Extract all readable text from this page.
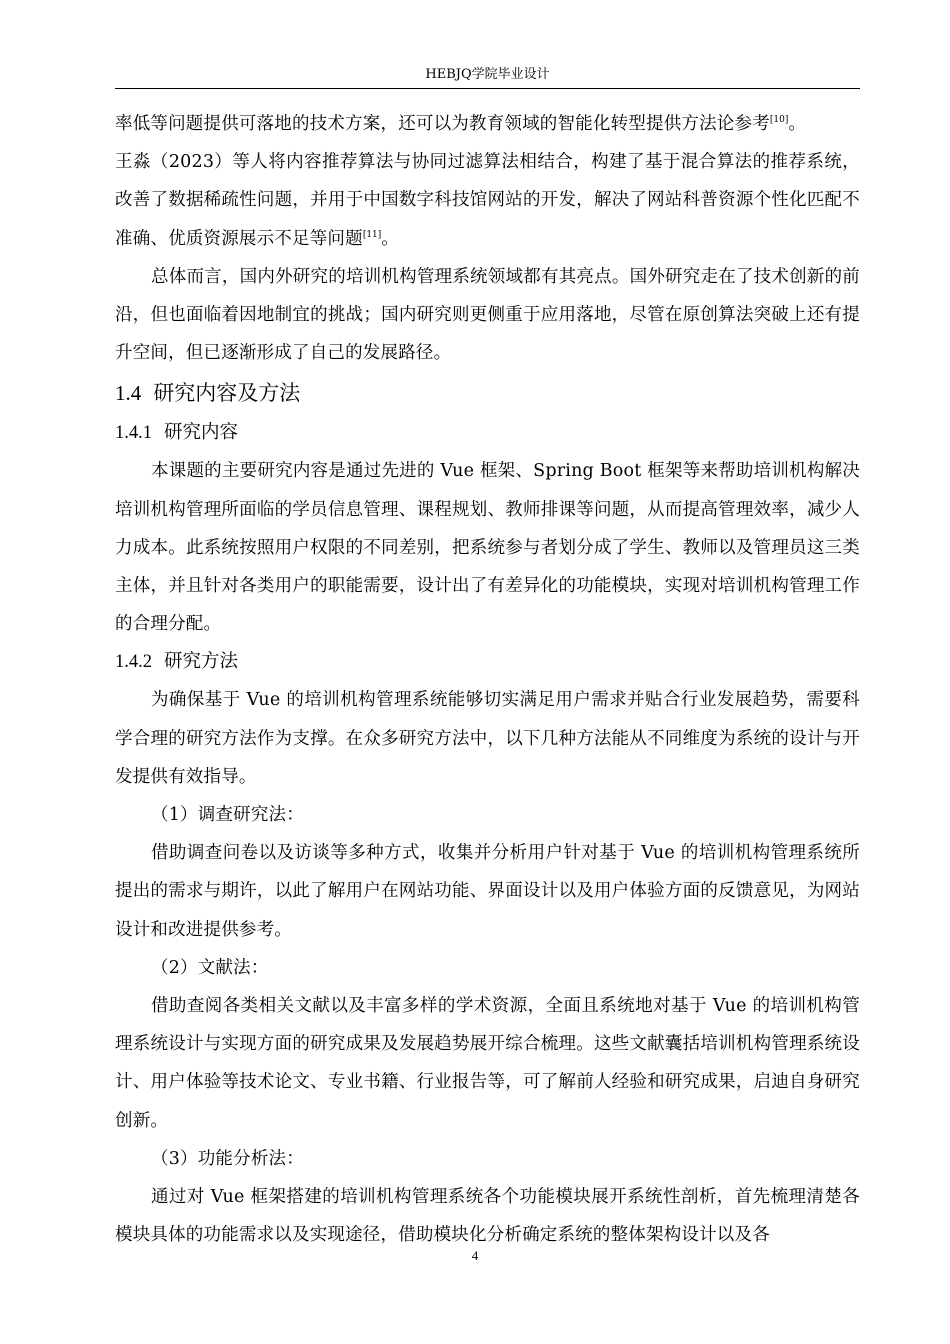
HEBJQ学院毕业设计

率低等问题提供可落地的技术方案，还可以为教育领域的智能化转型提供方法论参考[10]。

王淼（2023）等人将内容推荐算法与协同过滤算法相结合，构建了基于混合算法的推荐系统，改善了数据稀疏性问题，并用于中国数字科技馆网站的开发，解决了网站科普资源个性化匹配不准确、优质资源展示不足等问题[11]。

总体而言，国内外研究的培训机构管理系统领域都有其亮点。国外研究走在了技术创新的前沿，但也面临着因地制宜的挑战；国内研究则更侧重于应用落地，尽管在原创算法突破上还有提升空间，但已逐渐形成了自己的发展路径。

1.4 研究内容及方法
1.4.1 研究内容

本课题的主要研究内容是通过先进的 Vue 框架、Spring Boot 框架等来帮助培训机构解决培训机构管理所面临的学员信息管理、课程规划、教师排课等问题，从而提高管理效率，减少人力成本。此系统按照用户权限的不同差别，把系统参与者划分成了学生、教师以及管理员这三类主体，并且针对各类用户的职能需要，设计出了有差异化的功能模块，实现对培训机构管理工作的合理分配。

1.4.2 研究方法

为确保基于 Vue 的培训机构管理系统能够切实满足用户需求并贴合行业发展趋势，需要科学合理的研究方法作为支撑。在众多研究方法中，以下几种方法能从不同维度为系统的设计与开发提供有效指导。

（1）调查研究法：

借助调查问卷以及访谈等多种方式，收集并分析用户针对基于 Vue 的培训机构管理系统所提出的需求与期许，以此了解用户在网站功能、界面设计以及用户体验方面的反馈意见，为网站设计和改进提供参考。

（2）文献法：

借助查阅各类相关文献以及丰富多样的学术资源，全面且系统地对基于 Vue 的培训机构管理系统设计与实现方面的研究成果及发展趋势展开综合梳理。这些文献囊括培训机构管理系统设计、用户体验等技术论文、专业书籍、行业报告等，可了解前人经验和研究成果，启迪自身研究创新。

（3）功能分析法：

通过对 Vue 框架搭建的培训机构管理系统各个功能模块展开系统性剖析，首先梳理清楚各模块具体的功能需求以及实现途径，借助模块化分析确定系统的整体架构设计以及各

4
